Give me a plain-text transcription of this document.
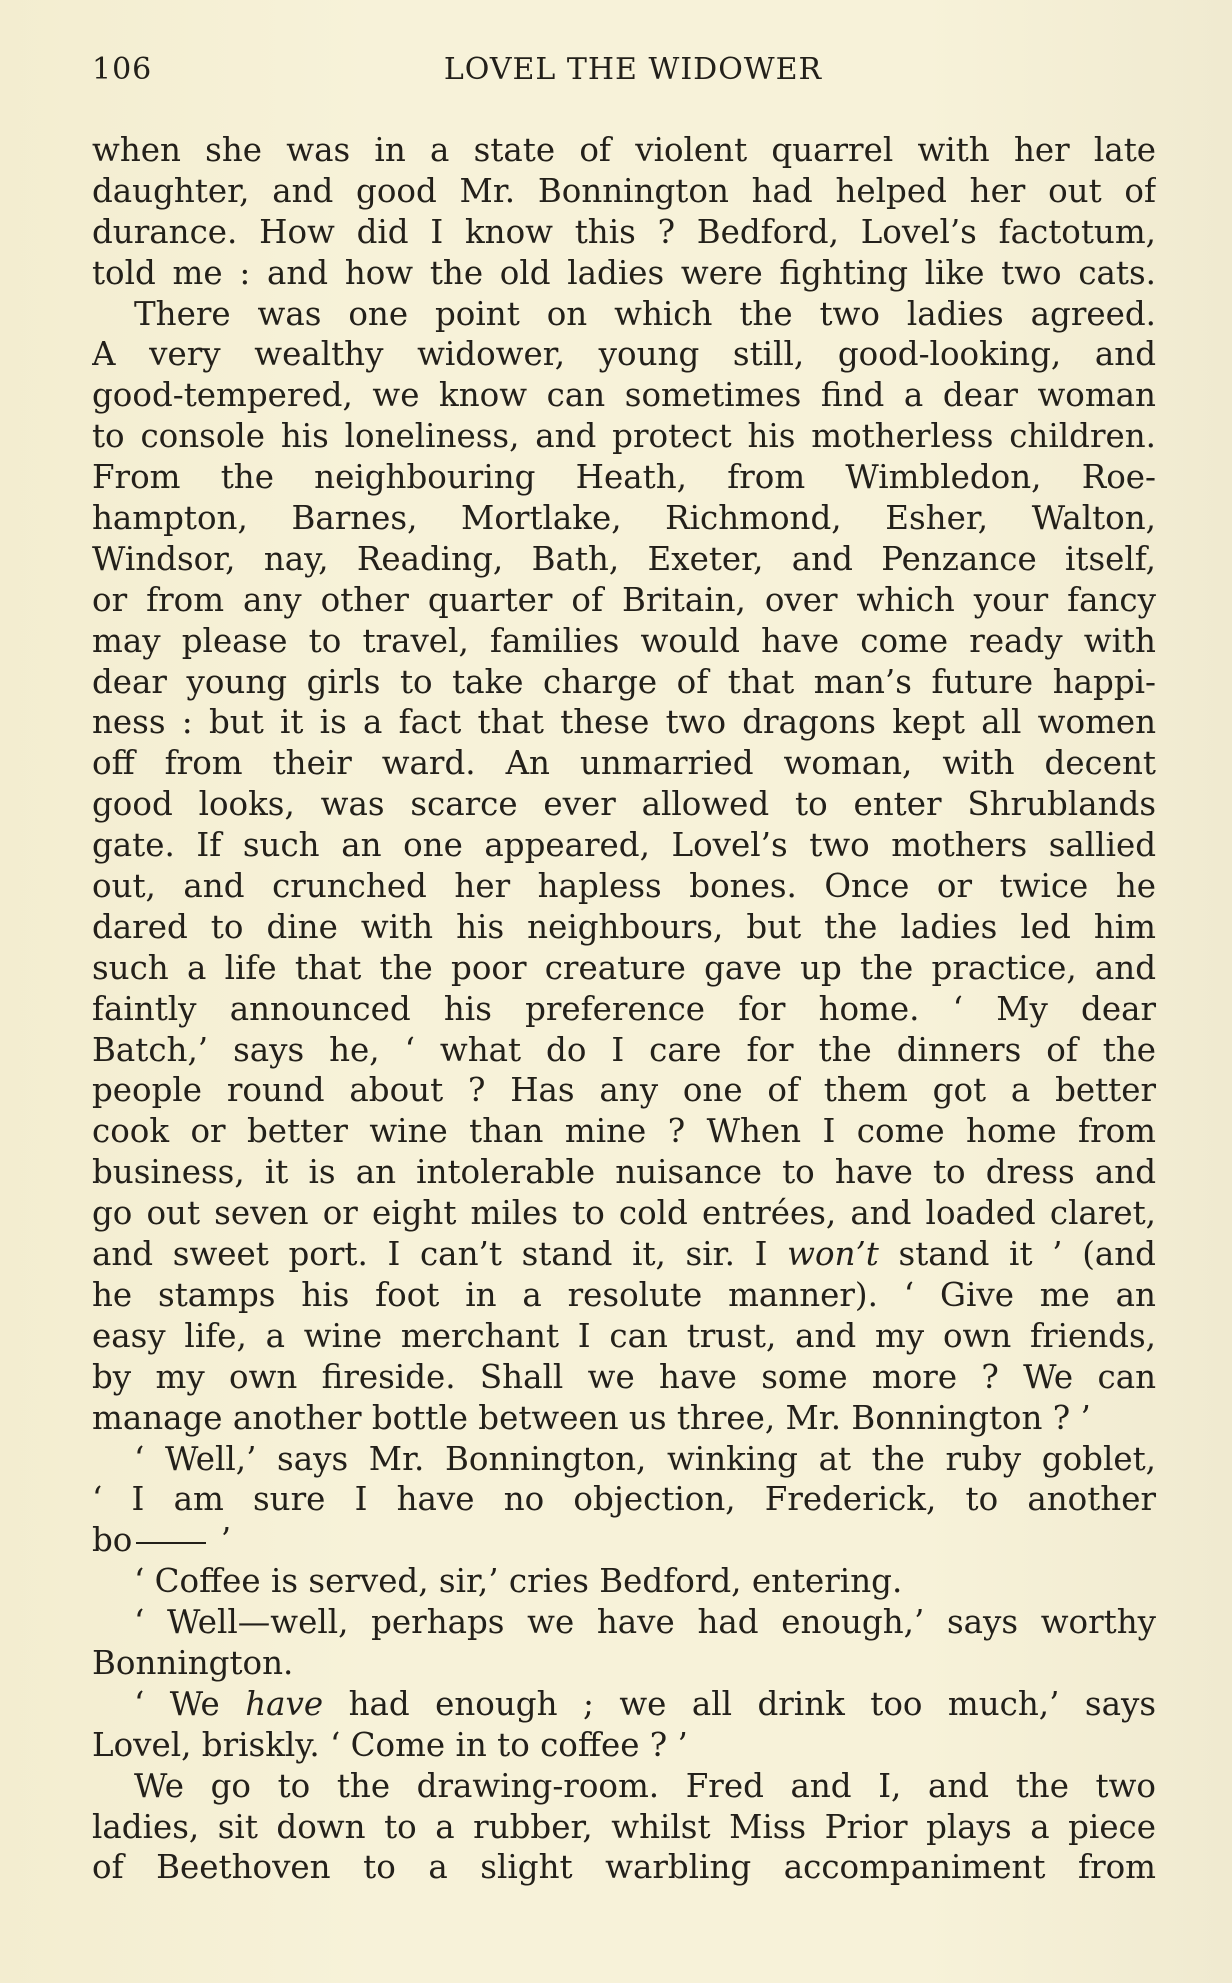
106	LOVEL THE WIDOWER
when she was in a state of violent quarrel with her late
daughter, and good Mr. Bonnington had helped her out of
durance. How did I know this ? Bedford, Lovel’s factotum,
told me : and how the old ladies were fighting like two cats.
There was one point on which the two ladies agreed.
A very wealthy widower, young still, good-looking, and
good-tempered, we know can sometimes find a dear woman
to console his loneliness, and protect his motherless children.
From the neighbouring Heath, from Wimbledon, Roe-
hampton, Barnes, Mortlake, Richmond, Esher, Walton,
Windsor, nay, Reading, Bath, Exeter, and Penzance itself,
or from any other quarter of Britain, over which your fancy
may please to travel, families would have come ready with
dear young girls to take charge of that man’s future happi-
ness : but it is a fact that these two dragons kept all women
off from their ward. An unmarried woman, with decent
good looks, was scarce ever allowed to enter Shrublands
gate. If such an one appeared, Lovel’s two mothers sallied
out, and crunched her hapless bones. Once or twice he
dared to dine with his neighbours, but the ladies led him
such a life that the poor creature gave up the practice, and
faintly announced his preference for home. ‘ My dear
Batch,’ says he, ‘ what do I care for the dinners of the
people round about ? Has any one of them got a better
cook or better wine than mine ? When I come home from
business, it is an intolerable nuisance to have to dress and
go out seven or eight miles to cold entrées, and loaded claret,
and sweet port. I can’t stand it, sir. I won’t stand it ’ (and
he stamps his foot in a resolute manner). ‘ Give me an
easy life, a wine merchant I can trust, and my own friends,
by my own fireside. Shall we have some more ? We can
manage another bottle between us three, Mr. Bonnington ? ’
‘ Well,’ says Mr. Bonnington, winking at the ruby goblet,
‘ I am sure I have no objection, Frederick, to another
bo ’
‘ Coffee is served, sir,’ cries Bedford, entering.
‘ Well—well, perhaps we have had enough,’ says worthy
Bonnington.
‘ We have had enough ; we all drink too much,’ says
Lovel, briskly. ‘ Come in to coffee ? ’
We go to the drawing-room. Fred and I, and the two
ladies, sit down to a rubber, whilst Miss Prior plays a piece
of Beethoven to a slight warbling accompaniment from
